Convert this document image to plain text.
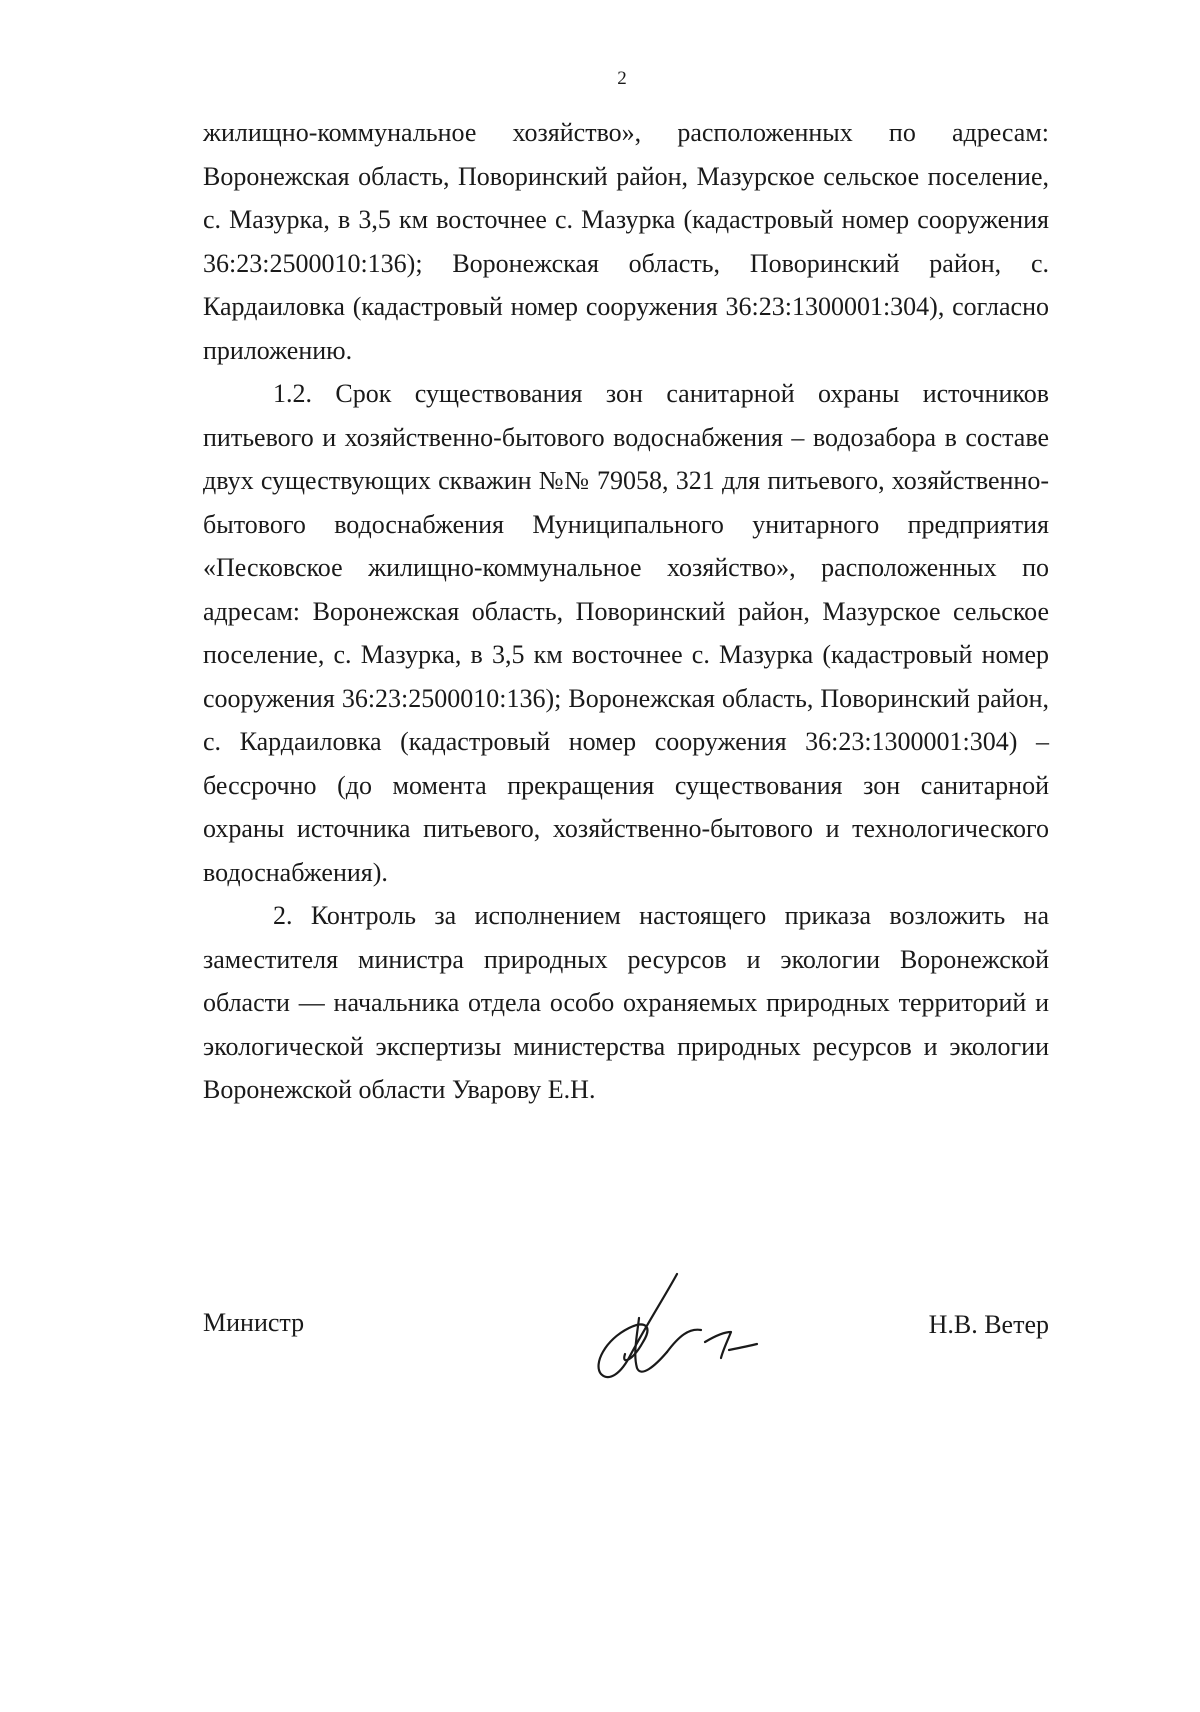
2

жилищно-коммунальное хозяйство», расположенных по адресам: Воронежская область, Поворинский район, Мазурское сельское поселение, с. Мазурка, в 3,5 км восточнее с. Мазурка (кадастровый номер сооружения 36:23:2500010:136); Воронежская область, Поворинский район, с. Кардаиловка (кадастровый номер сооружения 36:23:1300001:304), согласно приложению.

1.2. Срок существования зон санитарной охраны источников питьевого и хозяйственно-бытового водоснабжения – водозабора в составе двух существующих скважин №№ 79058, 321 для питьевого, хозяйственно-бытового водоснабжения Муниципального унитарного предприятия «Песковское жилищно-коммунальное хозяйство», расположенных по адресам: Воронежская область, Поворинский район, Мазурское сельское поселение, с. Мазурка, в 3,5 км восточнее с. Мазурка (кадастровый номер сооружения 36:23:2500010:136); Воронежская область, Поворинский район, с. Кардаиловка (кадастровый номер сооружения 36:23:1300001:304) – бессрочно (до момента прекращения существования зон санитарной охраны источника питьевого, хозяйственно-бытового и технологического водоснабжения).

2. Контроль за исполнением настоящего приказа возложить на заместителя министра природных ресурсов и экологии Воронежской области — начальника отдела особо охраняемых природных территорий и экологической экспертизы министерства природных ресурсов и экологии Воронежской области Уварову Е.Н.

Министр	Н.В. Ветер
